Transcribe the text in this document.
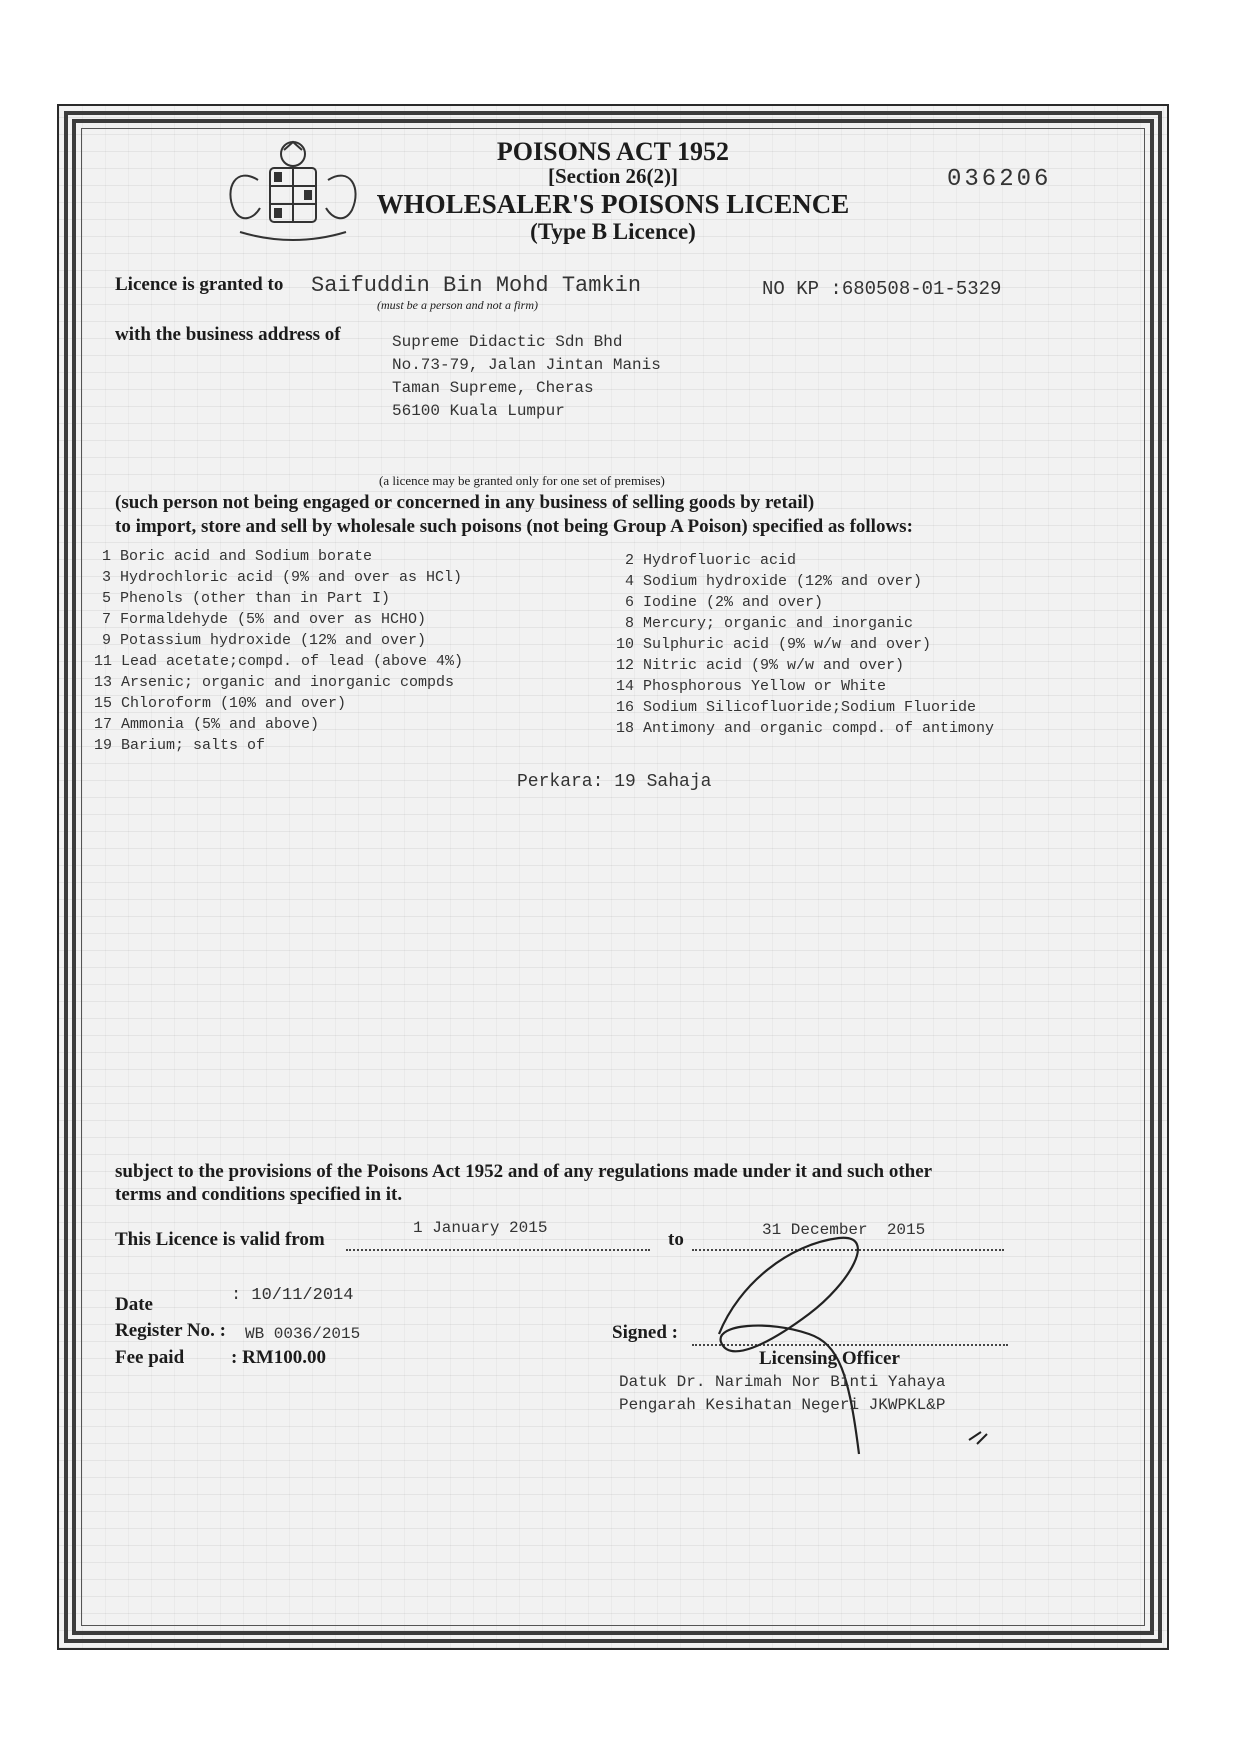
POISONS ACT 1952
[Section 26(2)]	036206
WHOLESALER'S POISONS LICENCE
(Type B Licence)
Licence is granted to Saifuddin Bin Mohd Tamkin
(must be a person and not a firm)
NO KP :680508-01-5329
with the business address of	Supreme Didactic Sdn Bhd
No.73-79, Jalan Jintan Manis
Taman Supreme, Cheras
56100 Kuala Lumpur
(a licence may be granted only for one set of premises)
(such person not being engaged or concerned in any business of selling goods by retail)
to import, store and sell by wholesale such poisons (not being Group A Poison) specified as follows:
1 Boric acid and Sodium borate
3 Hydrochloric acid (9% and over as HCl)
5 Phenols (other than in Part I)
7 Formaldehyde (5% and over as HCHO)
9 Potassium hydroxide (12% and over)
11 Lead acetate;compd. of lead (above 4%)
13 Arsenic; organic and inorganic compds
15 Chloroform (10% and over)
17 Ammonia (5% and above)
19 Barium; salts of
2 Hydrofluoric acid
4 Sodium hydroxide (12% and over)
6 Iodine (2% and over)
8 Mercury; organic and inorganic
10 Sulphuric acid (9% w/w and over)
12 Nitric acid (9% w/w and over)
14 Phosphorous Yellow or White
16 Sodium Silicofluoride;Sodium Fluoride
18 Antimony and organic compd. of antimony
Perkara: 19 Sahaja
subject to the provisions of the Poisons Act 1952 and of any regulations made under it and such other
terms and conditions specified in it.
This Licence is valid from
1 January 2015
to	31 December  2015
Date	: 10/11/2014
Register No. : WB 0036/2015
Fee paid : RM100.00
Signed :
Licensing Officer
Datuk Dr. Narimah Nor Binti Yahaya
Pengarah Kesihatan Negeri JKWPKL&P
